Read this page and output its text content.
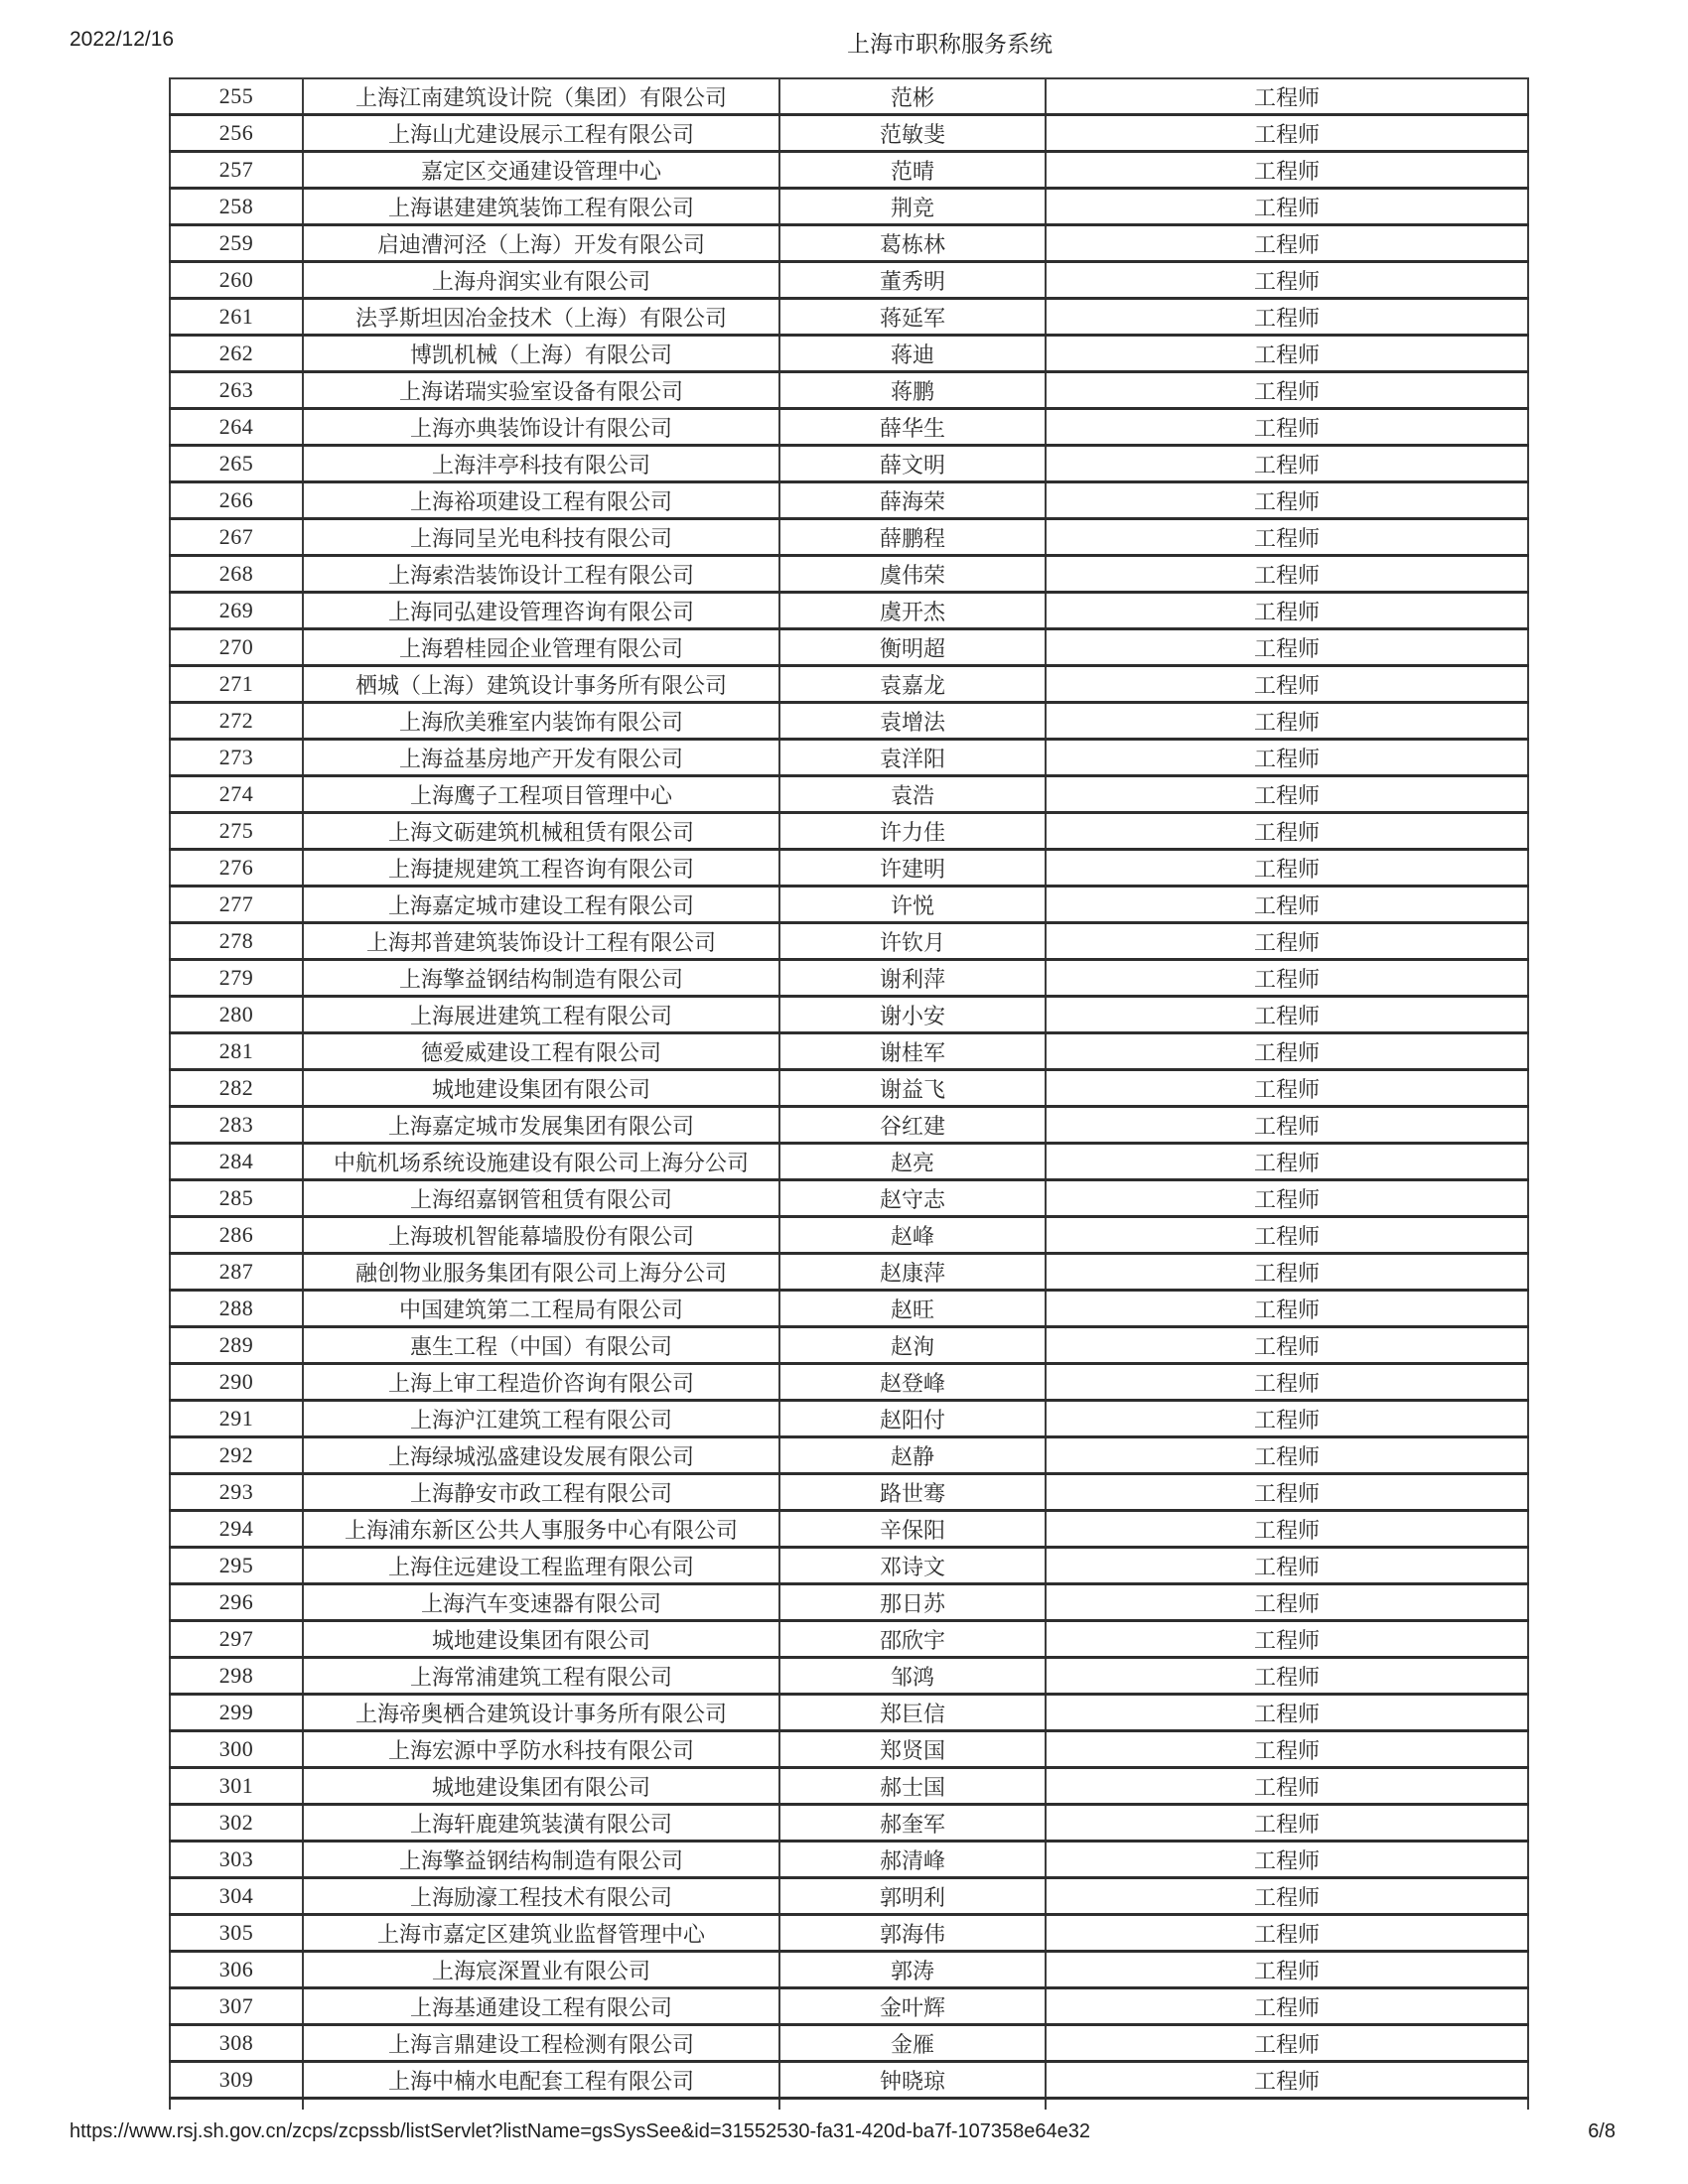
2022/12/16	上海市职称服务系统
255	上海江南建筑设计院（集团）有限公司	范彬	工程师
256	上海山尤建设展示工程有限公司	范敏斐	工程师
257	嘉定区交通建设管理中心	范晴	工程师
258	上海谌建建筑装饰工程有限公司	荆竞	工程师
259	启迪漕河泾（上海）开发有限公司	葛栋林	工程师
260	上海舟润实业有限公司	董秀明	工程师
261	法孚斯坦因冶金技术（上海）有限公司	蒋延军	工程师
262	博凯机械（上海）有限公司	蒋迪	工程师
263	上海诺瑞实验室设备有限公司	蒋鹏	工程师
264	上海亦典装饰设计有限公司	薛华生	工程师
265	上海沣亭科技有限公司	薛文明	工程师
266	上海裕项建设工程有限公司	薛海荣	工程师
267	上海同呈光电科技有限公司	薛鹏程	工程师
268	上海索浩装饰设计工程有限公司	虞伟荣	工程师
269	上海同弘建设管理咨询有限公司	虞开杰	工程师
270	上海碧桂园企业管理有限公司	衡明超	工程师
271	栖城（上海）建筑设计事务所有限公司	袁嘉龙	工程师
272	上海欣美雅室内装饰有限公司	袁增法	工程师
273	上海益基房地产开发有限公司	袁洋阳	工程师
274	上海鹰子工程项目管理中心	袁浩	工程师
275	上海文砺建筑机械租赁有限公司	许力佳	工程师
276	上海捷规建筑工程咨询有限公司	许建明	工程师
277	上海嘉定城市建设工程有限公司	许悦	工程师
278	上海邦普建筑装饰设计工程有限公司	许钦月	工程师
279	上海擎益钢结构制造有限公司	谢利萍	工程师
280	上海展进建筑工程有限公司	谢小安	工程师
281	德爱威建设工程有限公司	谢桂军	工程师
282	城地建设集团有限公司	谢益飞	工程师
283	上海嘉定城市发展集团有限公司	谷红建	工程师
284	中航机场系统设施建设有限公司上海分公司	赵亮	工程师
285	上海绍嘉钢管租赁有限公司	赵守志	工程师
286	上海玻机智能幕墙股份有限公司	赵峰	工程师
287	融创物业服务集团有限公司上海分公司	赵康萍	工程师
288	中国建筑第二工程局有限公司	赵旺	工程师
289	惠生工程（中国）有限公司	赵洵	工程师
290	上海上审工程造价咨询有限公司	赵登峰	工程师
291	上海沪江建筑工程有限公司	赵阳付	工程师
292	上海绿城泓盛建设发展有限公司	赵静	工程师
293	上海静安市政工程有限公司	路世骞	工程师
294	上海浦东新区公共人事服务中心有限公司	辛保阳	工程师
295	上海住远建设工程监理有限公司	邓诗文	工程师
296	上海汽车变速器有限公司	那日苏	工程师
297	城地建设集团有限公司	邵欣宇	工程师
298	上海常浦建筑工程有限公司	邹鸿	工程师
299	上海帝奥栖合建筑设计事务所有限公司	郑巨信	工程师
300	上海宏源中孚防水科技有限公司	郑贤国	工程师
301	城地建设集团有限公司	郝士国	工程师
302	上海轩鹿建筑装潢有限公司	郝奎军	工程师
303	上海擎益钢结构制造有限公司	郝清峰	工程师
304	上海励濠工程技术有限公司	郭明利	工程师
305	上海市嘉定区建筑业监督管理中心	郭海伟	工程师
306	上海宸深置业有限公司	郭涛	工程师
307	上海基通建设工程有限公司	金叶辉	工程师
308	上海言鼎建设工程检测有限公司	金雁	工程师
309	上海中楠水电配套工程有限公司	钟晓琼	工程师

https://www.rsj.sh.gov.cn/zcps/zcpssb/listServlet?listName=gsSysSee&id=31552530-fa31-420d-ba7f-107358e64e32	6/8
